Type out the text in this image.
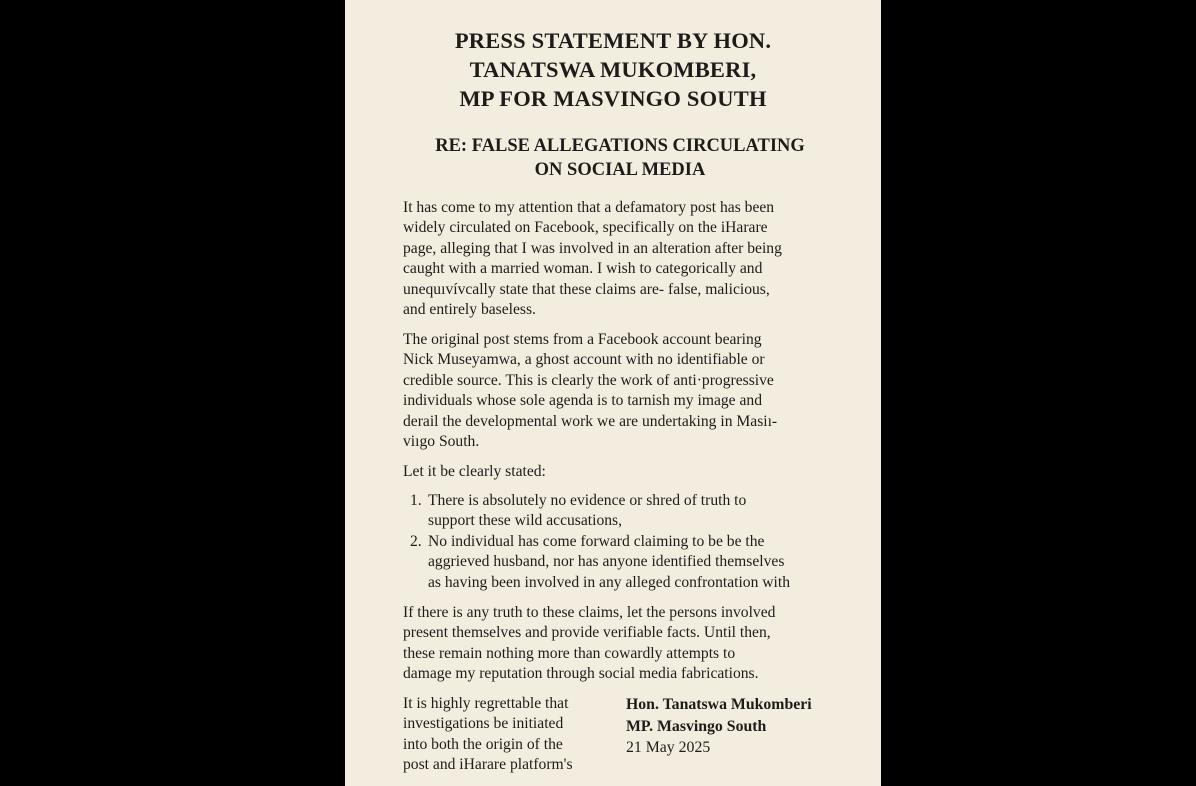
PRESS STATEMENT BY HON.
TANATSWA MUKOMBERI,
MP FOR MASVINGO SOUTH
RE: FALSE ALLEGATIONS CIRCULATING
ON SOCIAL MEDIA

It has come to my attention that a defamatory post has been
widely circulated on Facebook, specifically on the iHarare
page, alleging that I was involved in an alteration after being
caught with a married woman. I wish to categorically and
unequıvívcally state that these claims are- false, malicious,
and entirely baseless.

The original post stems from a Facebook account bearing
Nick Museyamwa, a ghost account with no identifiable or
credible source. This is clearly the work of anti·progressive
individuals whose sole agenda is to tarnish my image and
derail the developmental work we are undertaking in Masiı-
viıgo South.

Let it be clearly stated:

1. There is absolutely no evidence or shred of truth to
support these wild accusations,
2. No individual has come forward claiming to be be the
aggrieved husband, nor has anyone identified themselves
as having been involved in any alleged confrontation with

If there is any truth to these claims, let the persons involved
present themselves and provide verifiable facts. Until then,
these remain nothing more than cowardly attempts to
damage my reputation through social media fabrications.

It is highly regrettable that
investigations be initiated
into both the origin of the
post and iHarare platform's

Hon. Tanatswa Mukomberi
MP. Masvingo South
21 May 2025
